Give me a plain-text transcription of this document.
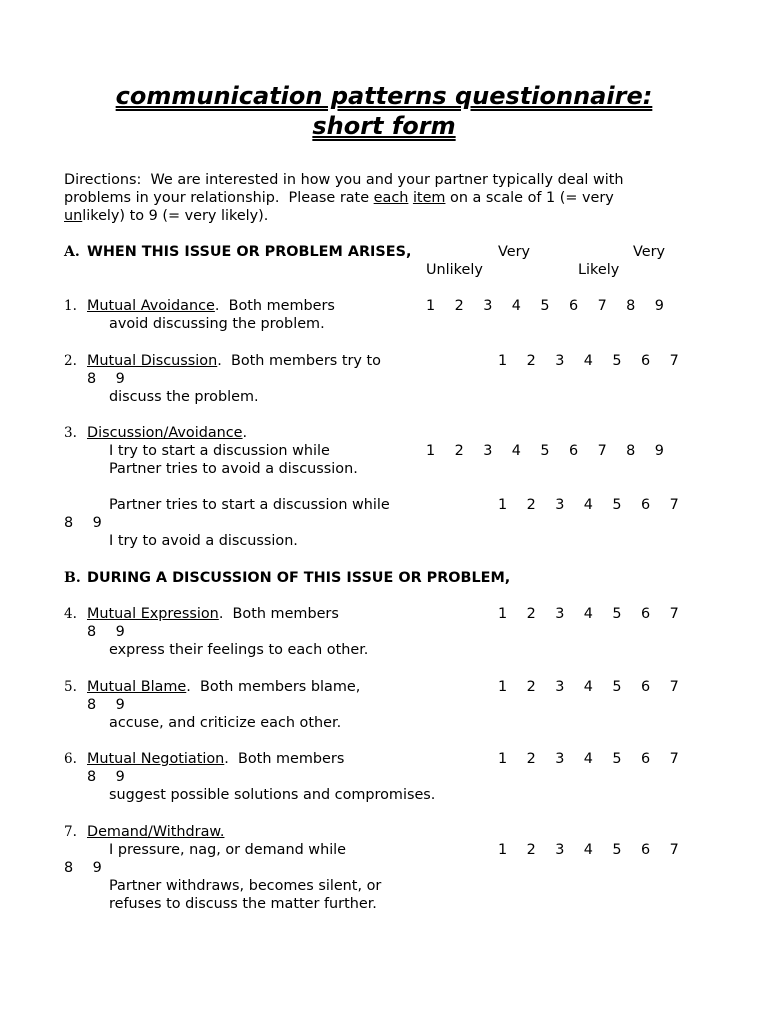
communication patterns questionnaire:
short form
Directions:  We are interested in how you and your partner typically deal with
problems in your relationship.  Please rate each item on a scale of 1 (= very
unlikely) to 9 (= very likely).
A. WHEN THIS ISSUE OR PROBLEM ARISES,	Very	Very
Unlikely	Likely
1. Mutual Avoidance.  Both members	1 2 3 4 5 6 7 8 9
avoid discussing the problem.
2. Mutual Discussion.  Both members try to	1 2 3 4 5 6 7
8 9
discuss the problem.
3. Discussion/Avoidance.
I try to start a discussion while	1 2 3 4 5 6 7 8 9
Partner tries to avoid a discussion.
Partner tries to start a discussion while	1 2 3 4 5 6 7
8 9
I try to avoid a discussion.
B. DURING A DISCUSSION OF THIS ISSUE OR PROBLEM,
4. Mutual Expression.  Both members	1 2 3 4 5 6 7
8 9
express their feelings to each other.
5. Mutual Blame.  Both members blame,	1 2 3 4 5 6 7
8 9
accuse, and criticize each other.
6. Mutual Negotiation.  Both members	1 2 3 4 5 6 7
8 9
suggest possible solutions and compromises.
7. Demand/Withdraw.
I pressure, nag, or demand while	1 2 3 4 5 6 7
8 9
Partner withdraws, becomes silent, or
refuses to discuss the matter further.
